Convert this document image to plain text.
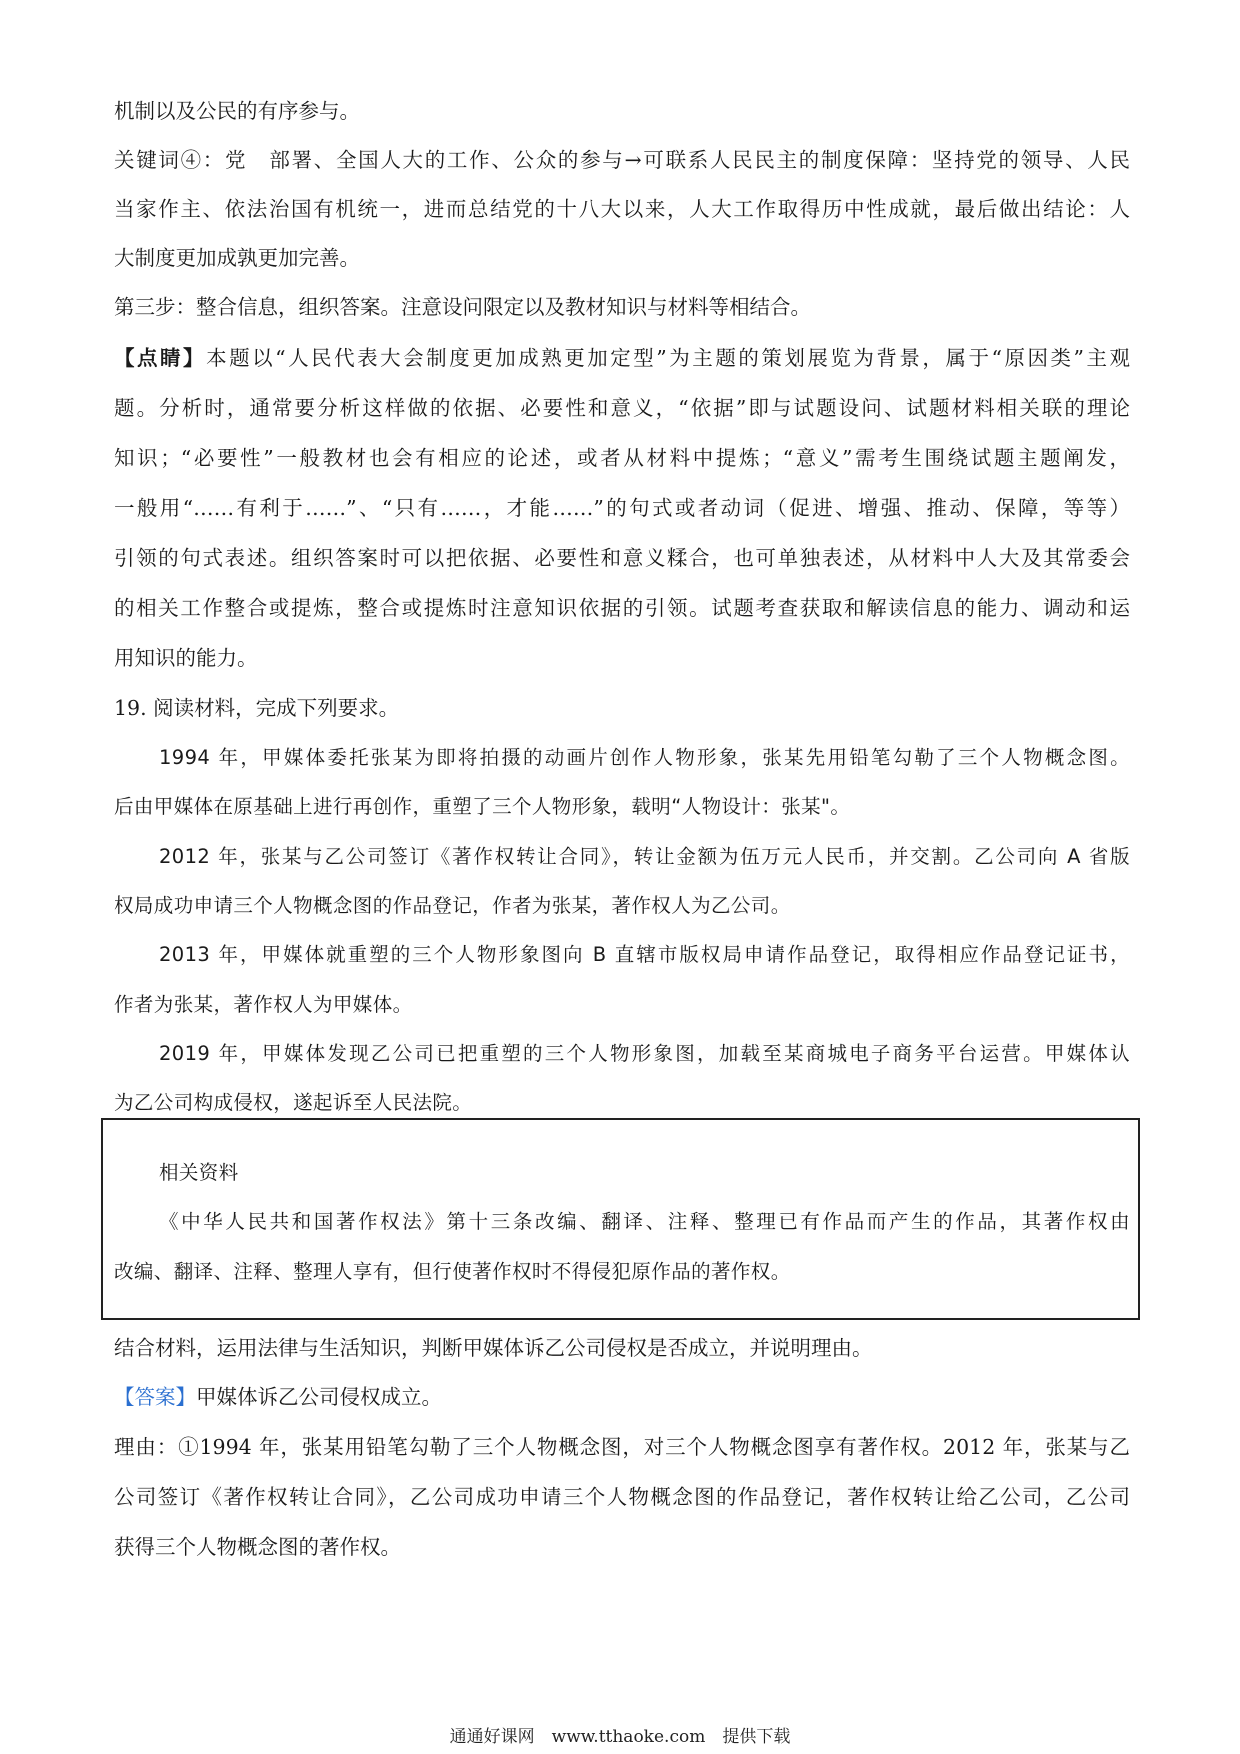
机制以及公民的有序参与。
关键词④：党　部署、全国人大的工作、公众的参与→可联系人民民主的制度保障：坚持党的领导、人民
当家作主、依法治国有机统一，进而总结党的十八大以来，人大工作取得历中性成就，最后做出结论：人
大制度更加成孰更加完善。
第三步：整合信息，组织答案。注意设问限定以及教材知识与材料等相结合。
【点睛】本题以“人民代表大会制度更加成熟更加定型”为主题的策划展览为背景，属于“原因类”主观
题。分析时，通常要分析这样做的依据、必要性和意义，“依据”即与试题设问、试题材料相关联的理论
知识；“必要性”一般教材也会有相应的论述，或者从材料中提炼；“意义”需考生围绕试题主题阐发，
一般用“……有利于……”、“只有……，才能……”的句式或者动词（促进、增强、推动、保障，等等）
引领的句式表述。组织答案时可以把依据、必要性和意义糅合，也可单独表述，从材料中人大及其常委会
的相关工作整合或提炼，整合或提炼时注意知识依据的引领。试题考查获取和解读信息的能力、调动和运
用知识的能力。
19. 阅读材料，完成下列要求。
1994 年，甲媒体委托张某为即将拍摄的动画片创作人物形象，张某先用铅笔勾勒了三个人物概念图。
后由甲媒体在原基础上进行再创作，重塑了三个人物形象，载明“人物设计：张某"。
2012 年，张某与乙公司签订《著作权转让合同》，转让金额为伍万元人民币，并交割。乙公司向 A 省版
权局成功申请三个人物概念图的作品登记，作者为张某，著作权人为乙公司。
2013 年，甲媒体就重塑的三个人物形象图向 B 直辖市版权局申请作品登记，取得相应作品登记证书，
作者为张某，著作权人为甲媒体。
2019 年，甲媒体发现乙公司已把重塑的三个人物形象图，加载至某商城电子商务平台运营。甲媒体认
为乙公司构成侵权，遂起诉至人民法院。
相关资料
《中华人民共和国著作权法》第十三条改编、翻译、注释、整理已有作品而产生的作品，其著作权由
改编、翻译、注释、整理人享有，但行使著作权时不得侵犯原作品的著作权。
结合材料，运用法律与生活知识，判断甲媒体诉乙公司侵权是否成立，并说明理由。
【答案】甲媒体诉乙公司侵权成立。
理由：①1994 年，张某用铅笔勾勒了三个人物概念图，对三个人物概念图享有著作权。2012 年，张某与乙
公司签订《著作权转让合同》，乙公司成功申请三个人物概念图的作品登记，著作权转让给乙公司，乙公司
获得三个人物概念图的著作权。
通通好课网　www.tthaoke.com　提供下载
